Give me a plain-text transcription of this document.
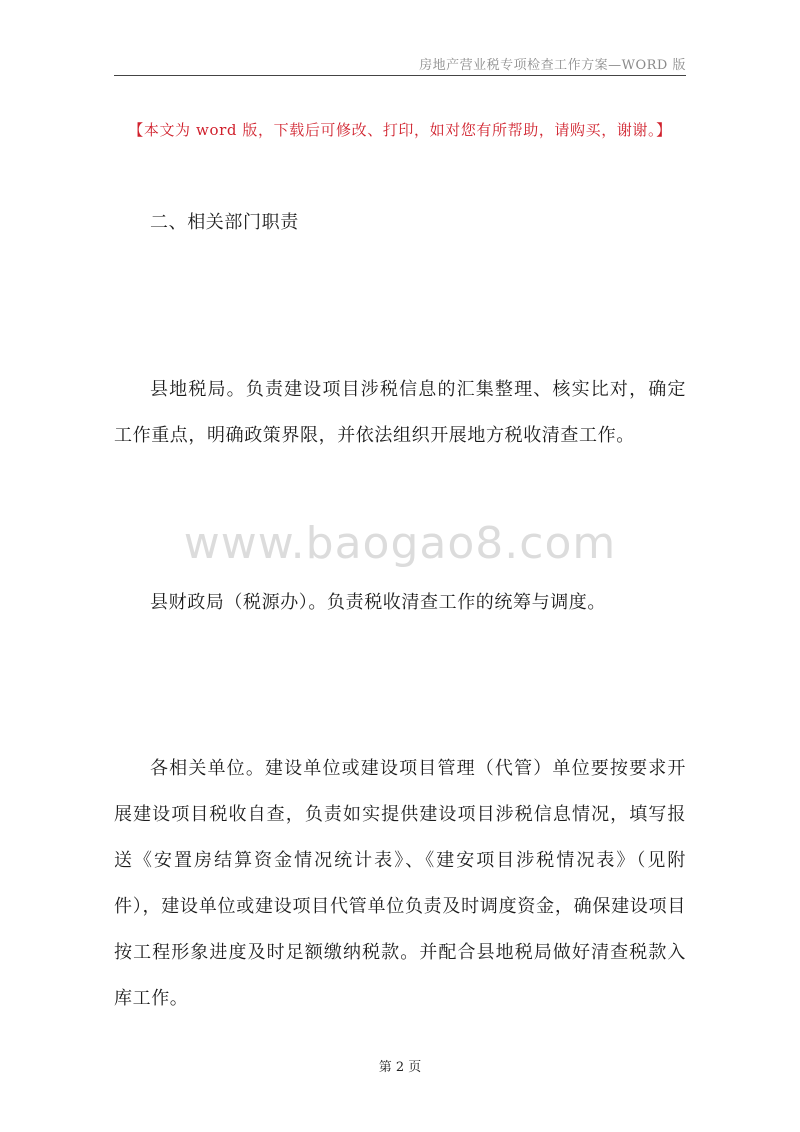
房地产营业税专项检查工作方案—WORD 版
【本文为 word 版，下载后可修改、打印，如对您有所帮助，请购买，谢谢。】

二、相关部门职责

县地税局。负责建设项目涉税信息的汇集整理、核实比对，确定工作重点，明确政策界限，并依法组织开展地方税收清查工作。

www.baogao8.com

县财政局（税源办）。负责税收清查工作的统筹与调度。

各相关单位。建设单位或建设项目管理（代管）单位要按要求开展建设项目税收自查，负责如实提供建设项目涉税信息情况，填写报送《安置房结算资金情况统计表》、《建安项目涉税情况表》（见附件），建设单位或建设项目代管单位负责及时调度资金，确保建设项目按工程形象进度及时足额缴纳税款。并配合县地税局做好清查税款入库工作。

第 2 页
